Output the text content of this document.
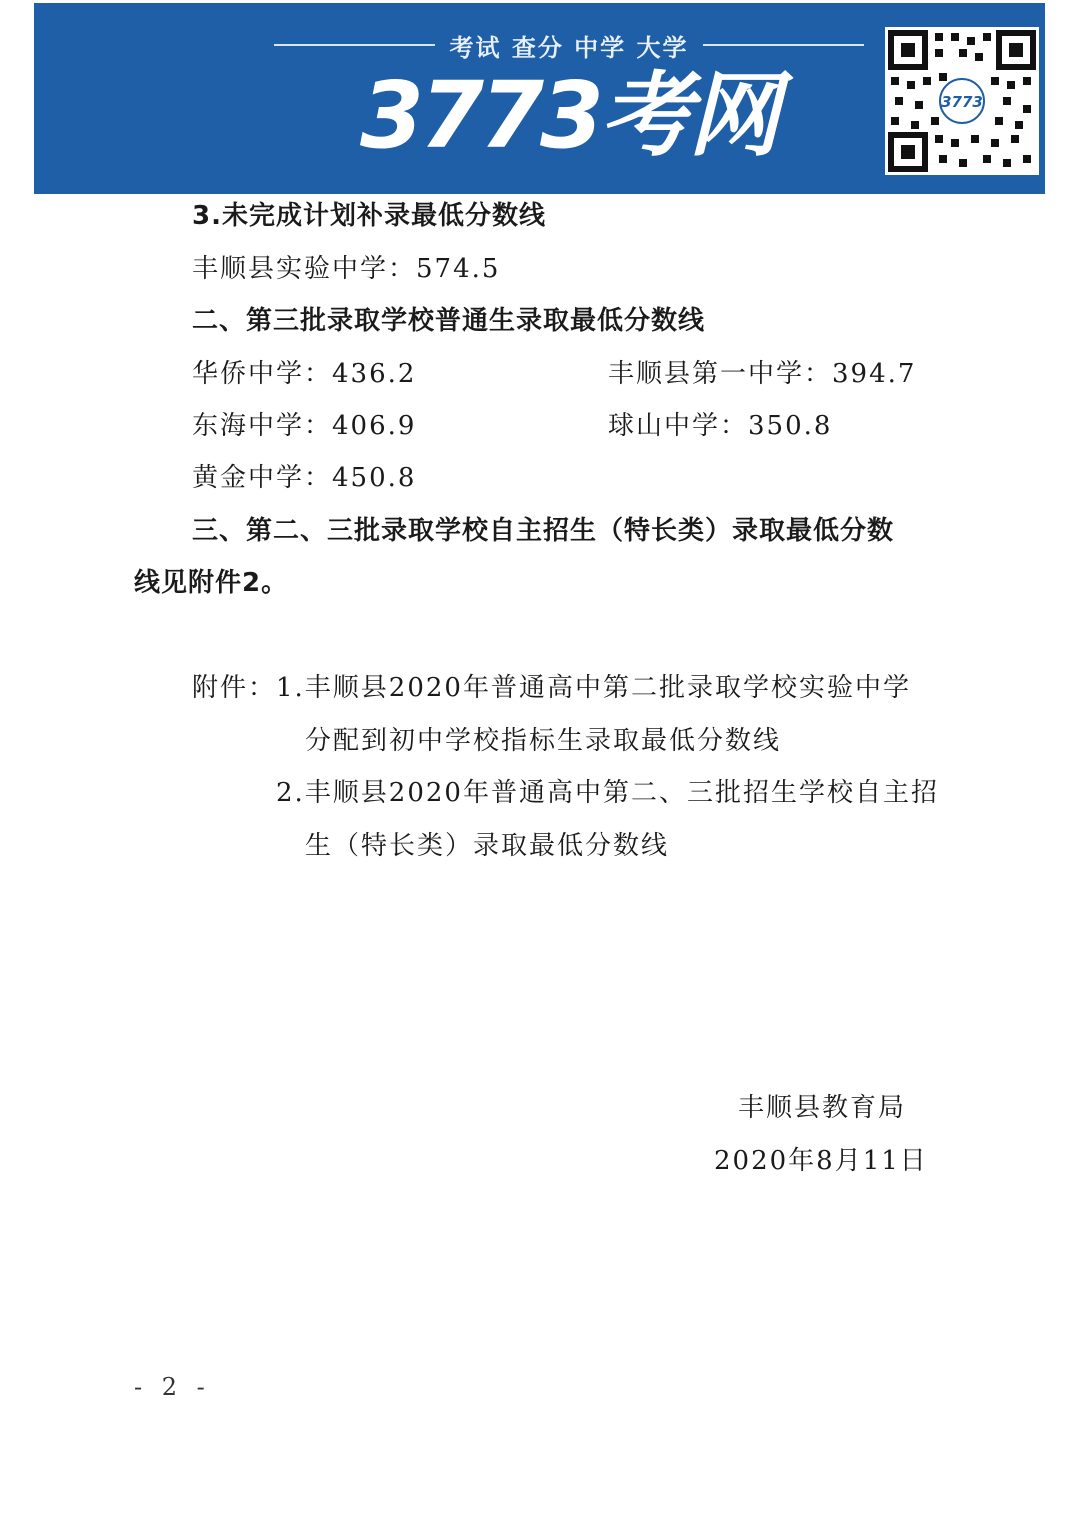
考试 查分 中学 大学
3773考网	3773
3.未完成计划补录最低分数线
丰顺县实验中学：574.5
二、第三批录取学校普通生录取最低分数线
华侨中学：436.2	丰顺县第一中学：394.7
东海中学：406.9	球山中学：350.8
黄金中学：450.8
三、第二、三批录取学校自主招生（特长类）录取最低分数
线见附件2。
附件： 1.丰顺县2020年普通高中第二批录取学校实验中学
分配到初中学校指标生录取最低分数线
2.丰顺县2020年普通高中第二、三批招生学校自主招
生（特长类）录取最低分数线
丰顺县教育局
2020年8月11日
- 2 -
